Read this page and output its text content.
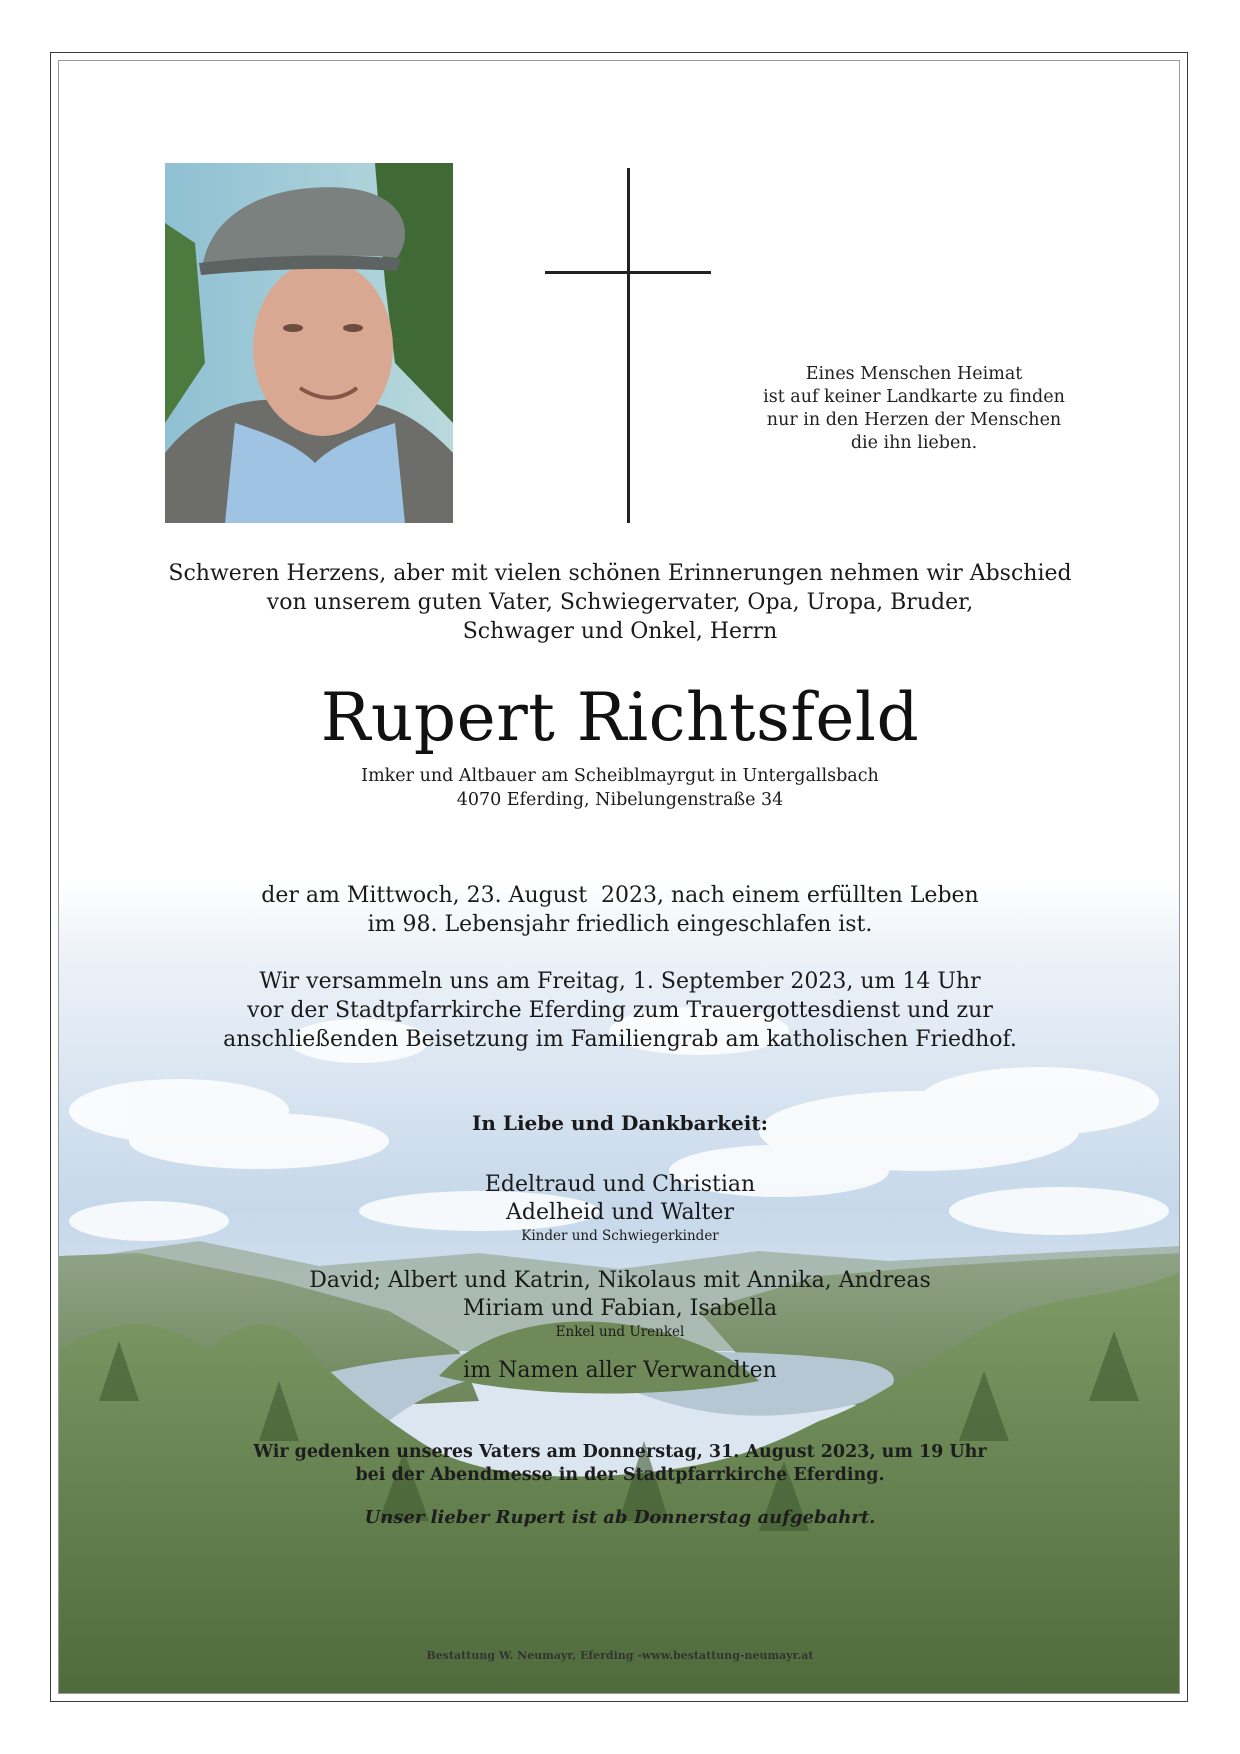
Eines Menschen Heimat
ist auf keiner Landkarte zu finden
nur in den Herzen der Menschen
die ihn lieben.
Schweren Herzens, aber mit vielen schönen Erinnerungen nehmen wir Abschied
von unserem guten Vater, Schwiegervater, Opa, Uropa, Bruder,
Schwager und Onkel, Herrn
Rupert Richtsfeld
Imker und Altbauer am Scheiblmayrgut in Untergallsbach
4070 Eferding, Nibelungenstraße 34
der am Mittwoch, 23. August  2023, nach einem erfüllten Leben
im 98. Lebensjahr friedlich eingeschlafen ist.
Wir versammeln uns am Freitag, 1. September 2023, um 14 Uhr
vor der Stadtpfarrkirche Eferding zum Trauergottesdienst und zur
anschließenden Beisetzung im Familiengrab am katholischen Friedhof.
In Liebe und Dankbarkeit:
Edeltraud und Christian
Adelheid und Walter
Kinder und Schwiegerkinder
David; Albert und Katrin, Nikolaus mit Annika, Andreas
Miriam und Fabian, Isabella
Enkel und Urenkel
im Namen aller Verwandten
Wir gedenken unseres Vaters am Donnerstag, 31. August 2023, um 19 Uhr
bei der Abendmesse in der Stadtpfarrkirche Eferding.
Unser lieber Rupert ist ab Donnerstag aufgebahrt.
Bestattung W. Neumayr, Eferding -www.bestattung-neumayr.at
